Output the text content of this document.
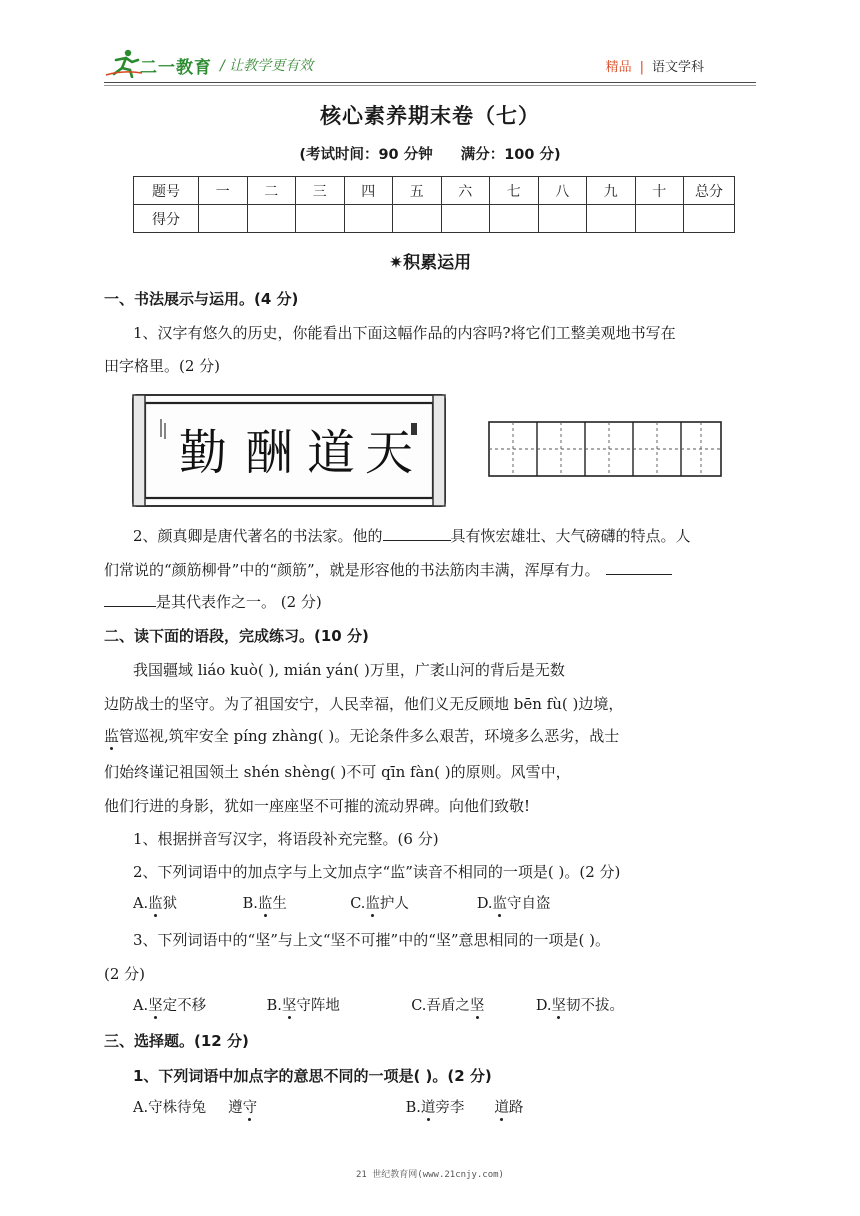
二一教育 / 让教学更有效	精品 | 语文学科
核心素养期末卷（七）
(考试时间：90 分钟 满分：100 分)
题号	一	二	三	四	五	六	七	八	九	十	总分
得分											
✷积累运用
一、书法展示与运用。(4 分)
1、汉字有悠久的历史，你能看出下面这幅作品的内容吗?将它们工整美观地书写在
田字格里。(2 分)
勤 酬 道 天
2、颜真卿是唐代著名的书法家。他的	具有恢宏雄壮、大气磅礴的特点。人
们常说的“颜筋柳骨”中的“颜筋”，就是形容他的书法筋肉丰满，浑厚有力。
是其代表作之一。 (2 分)
二、读下面的语段，完成练习。(10 分)
我国疆域 liáo kuò( ), mián yán( )万里，广袤山河的背后是无数
边防战士的坚守。为了祖国安宁，人民幸福，他们义无反顾地 bēn fù( )边境，
监管巡视,筑牢安全 píng zhàng( )。无论条件多么艰苦，环境多么恶劣，战士
们始终谨记祖国领土 shén shèng( )不可 qīn fàn( )的原则。风雪中，
他们行进的身影，犹如一座座坚不可摧的流动界碑。向他们致敬!
1、根据拼音写汉字，将语段补充完整。(6 分)
2、下列词语中的加点字与上文加点字“监”读音不相同的一项是( )。(2 分)
A.监狱	B.监生	C.监护人	D.监守自盗
3、下列词语中的“坚”与上文“坚不可摧”中的“坚”意思相同的一项是( )。
(2 分)
A.坚定不移	B.坚守阵地	C.吾盾之坚	D.坚韧不拔。
三、选择题。(12 分)
1、下列词语中加点字的意思不同的一项是( )。(2 分)
A.守株待兔 遵守	B.道旁李 道路
21 世纪教育网(www.21cnjy.com)
